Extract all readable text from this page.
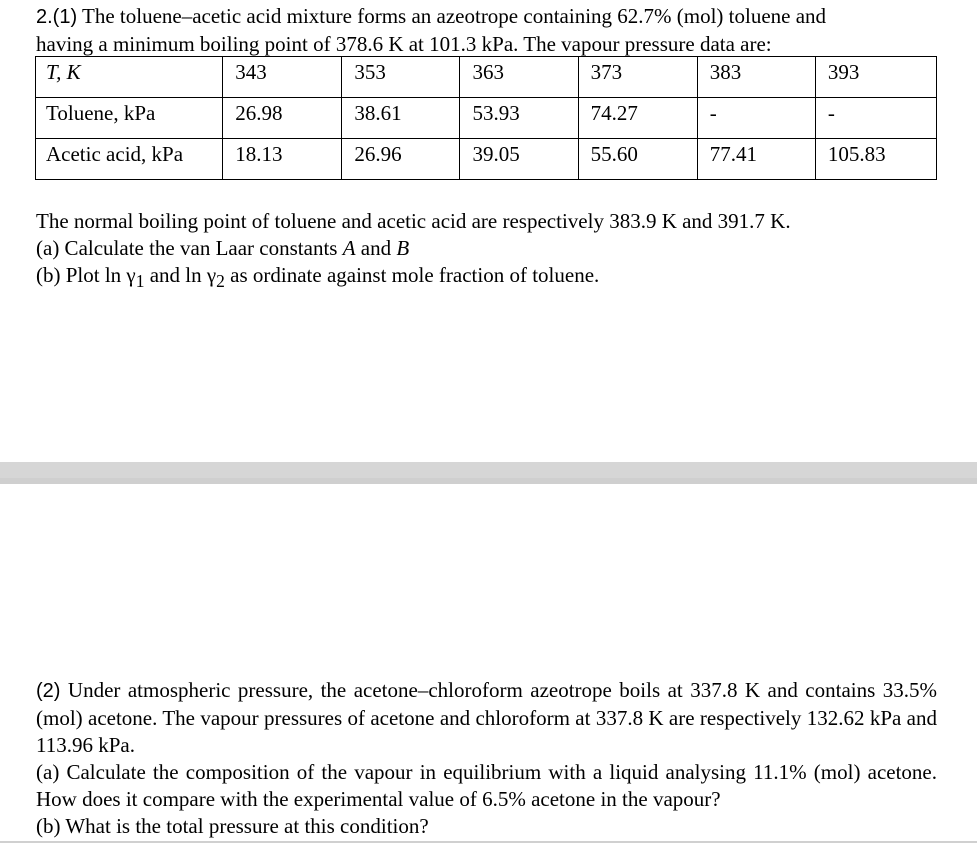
2.(1) The toluene–acetic acid mixture forms an azeotrope containing 62.7% (mol) toluene and
having a minimum boiling point of 378.6 K at 101.3 kPa. The vapour pressure data are:
T, K	343	353	363	373	383	393
Toluene, kPa	26.98	38.61	53.93	74.27	-	-
Acetic acid, kPa	18.13	26.96	39.05	55.60	77.41	105.83
The normal boiling point of toluene and acetic acid are respectively 383.9 K and 391.7 K.
(a) Calculate the van Laar constants A and B
(b) Plot $\ln \gamma_1$ and $\ln \gamma_2$ as ordinate against mole fraction of toluene.
(2) Under atmospheric pressure, the acetone–chloroform azeotrope boils at 337.8 K and contains 33.5% (mol) acetone. The vapour pressures of acetone and chloroform at 337.8 K are respectively 132.62 kPa and 113.96 kPa.
(a) Calculate the composition of the vapour in equilibrium with a liquid analysing 11.1% (mol) acetone. How does it compare with the experimental value of 6.5% acetone in the vapour?
(b) What is the total pressure at this condition?
